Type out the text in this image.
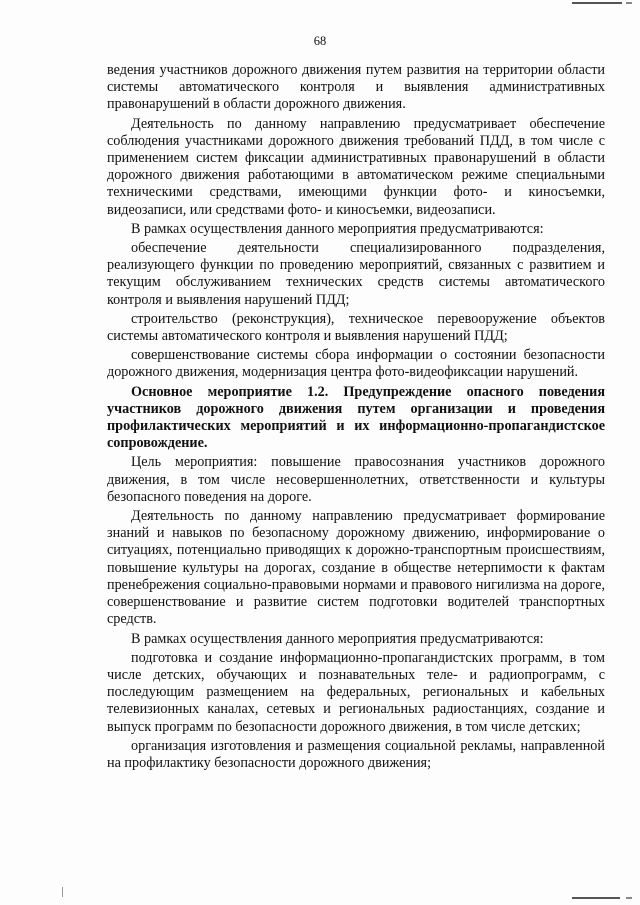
68

ведения участников дорожного движения путем развития на территории области системы автоматического контроля и выявления административных правонарушений в области дорожного движения.

Деятельность по данному направлению предусматривает обеспечение соблюдения участниками дорожного движения требований ПДД, в том числе с применением систем фиксации административных правонарушений в области дорожного движения работающими в автоматическом режиме специальными техническими средствами, имеющими функции фото- и киносъемки, видеозаписи, или средствами фото- и киносъемки, видеозаписи.

В рамках осуществления данного мероприятия предусматриваются:

обеспечение деятельности специализированного подразделения, реализующего функции по проведению мероприятий, связанных с развитием и текущим обслуживанием технических средств системы автоматического контроля и выявления нарушений ПДД;

строительство (реконструкция), техническое перевооружение объектов системы автоматического контроля и выявления нарушений ПДД;

совершенствование системы сбора информации о состоянии безопасности дорожного движения, модернизация центра фото-видеофиксации нарушений.

Основное мероприятие 1.2. Предупреждение опасного поведения участников дорожного движения путем организации и проведения профилактических мероприятий и их информационно-пропагандистское сопровождение.

Цель мероприятия: повышение правосознания участников дорожного движения, в том числе несовершеннолетних, ответственности и культуры безопасного поведения на дороге.

Деятельность по данному направлению предусматривает формирование знаний и навыков по безопасному дорожному движению, информирование о ситуациях, потенциально приводящих к дорожно-транспортным происшествиям, повышение культуры на дорогах, создание в обществе нетерпимости к фактам пренебрежения социально-правовыми нормами и правового нигилизма на дороге, совершенствование и развитие систем подготовки водителей транспортных средств.

В рамках осуществления данного мероприятия предусматриваются:

подготовка и создание информационно-пропагандистских программ, в том числе детских, обучающих и познавательных теле- и радиопрограмм, с последующим размещением на федеральных, региональных и кабельных телевизионных каналах, сетевых и региональных радиостанциях, создание и выпуск программ по безопасности дорожного движения, в том числе детских;

организация изготовления и размещения социальной рекламы, направленной на профилактику безопасности дорожного движения;
